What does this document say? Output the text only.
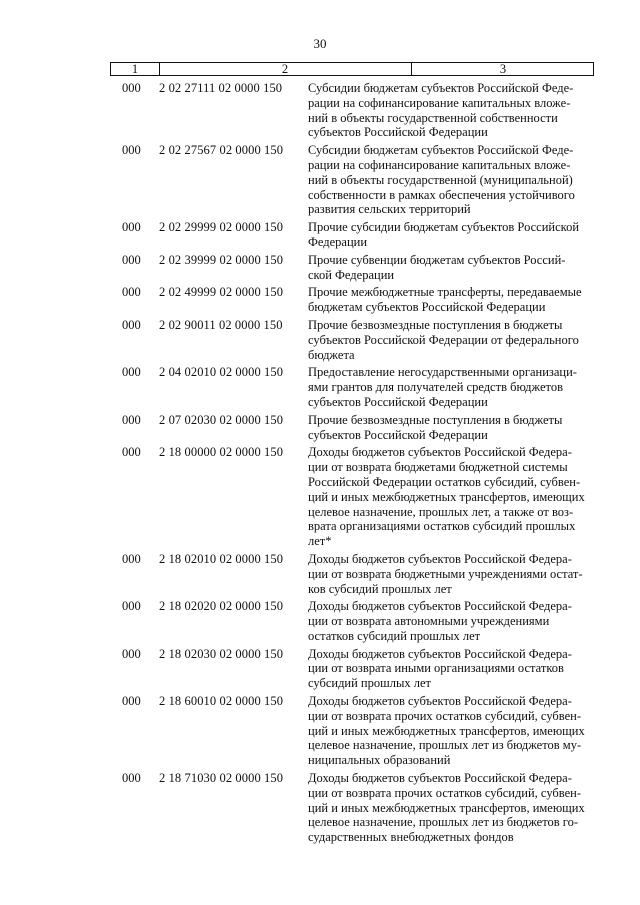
30
1	2	3
000 2 02 27111 02 0000 150 Субсидии бюджетам субъектов Российской Феде-
рации на софинансирование капитальных вложе-
ний в объекты государственной собственности
субъектов Российской Федерации
000 2 02 27567 02 0000 150 Субсидии бюджетам субъектов Российской Феде-
рации на софинансирование капитальных вложе-
ний в объекты государственной (муниципальной)
собственности в рамках обеспечения устойчивого
развития сельских территорий
000 2 02 29999 02 0000 150 Прочие субсидии бюджетам субъектов Российской
Федерации
000 2 02 39999 02 0000 150 Прочие субвенции бюджетам субъектов Россий-
ской Федерации
000 2 02 49999 02 0000 150 Прочие межбюджетные трансферты, передаваемые
бюджетам субъектов Российской Федерации
000 2 02 90011 02 0000 150 Прочие безвозмездные поступления в бюджеты
субъектов Российской Федерации от федерального
бюджета
000 2 04 02010 02 0000 150 Предоставление негосударственными организаци-
ями грантов для получателей средств бюджетов
субъектов Российской Федерации
000 2 07 02030 02 0000 150 Прочие безвозмездные поступления в бюджеты
субъектов Российской Федерации
000 2 18 00000 02 0000 150 Доходы бюджетов субъектов Российской Федера-
ции от возврата бюджетами бюджетной системы
Российской Федерации остатков субсидий, субвен-
ций и иных межбюджетных трансфертов, имеющих
целевое назначение, прошлых лет, а также от воз-
врата организациями остатков субсидий прошлых
лет*
000 2 18 02010 02 0000 150 Доходы бюджетов субъектов Российской Федера-
ции от возврата бюджетными учреждениями остат-
ков субсидий прошлых лет
000 2 18 02020 02 0000 150 Доходы бюджетов субъектов Российской Федера-
ции от возврата автономными учреждениями
остатков субсидий прошлых лет
000 2 18 02030 02 0000 150 Доходы бюджетов субъектов Российской Федера-
ции от возврата иными организациями остатков
субсидий прошлых лет
000 2 18 60010 02 0000 150 Доходы бюджетов субъектов Российской Федера-
ции от возврата прочих остатков субсидий, субвен-
ций и иных межбюджетных трансфертов, имеющих
целевое назначение, прошлых лет из бюджетов му-
ниципальных образований
000 2 18 71030 02 0000 150 Доходы бюджетов субъектов Российской Федера-
ции от возврата прочих остатков субсидий, субвен-
ций и иных межбюджетных трансфертов, имеющих
целевое назначение, прошлых лет из бюджетов го-
сударственных внебюджетных фондов
